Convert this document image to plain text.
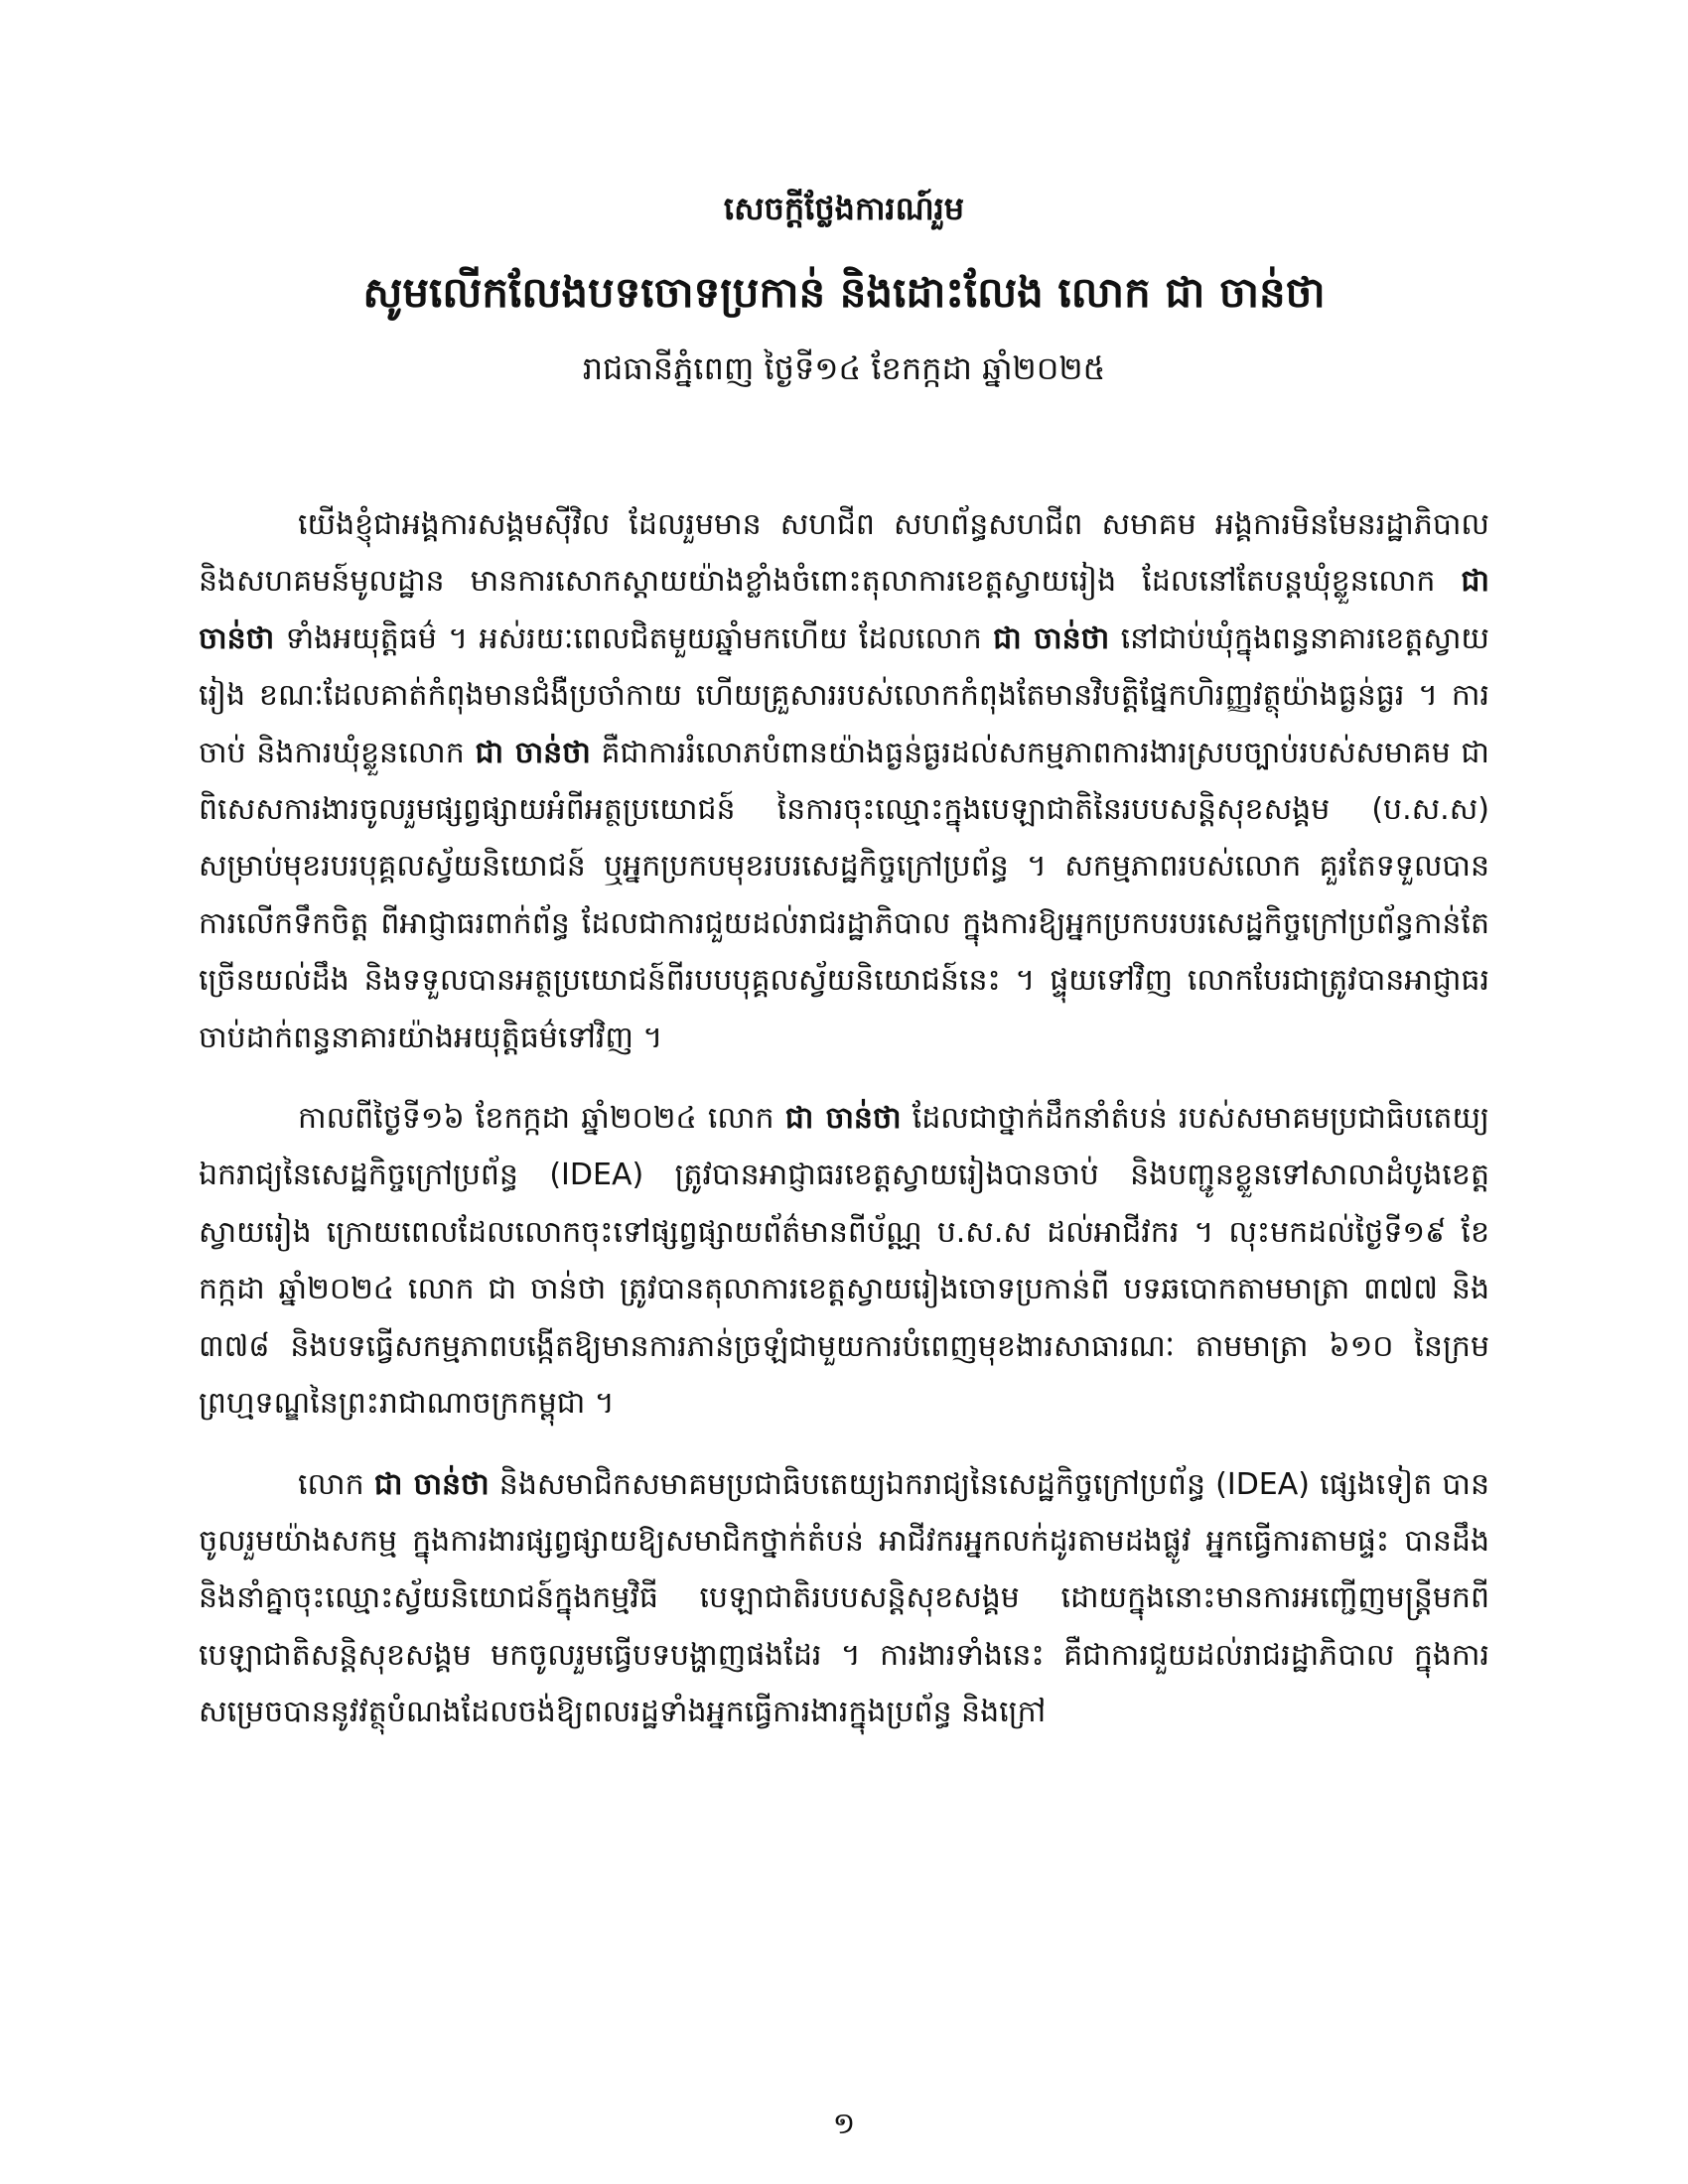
សេចក្តីថ្លែងការណ៍រួម
សូមលើកលែងបទចោទប្រកាន់ និងដោះលែង លោក ជា ចាន់ថា
រាជធានីភ្នំពេញ ថ្ងៃទី១៤ ខែកក្កដា ឆ្នាំ២០២៥

យើងខ្ញុំជាអង្គការសង្គមស៊ីវិល ដែលរួមមាន សហជីព សហព័ន្ធសហជីព សមាគម អង្គការមិនមែនរដ្ឋាភិបាល និងសហគមន៍មូលដ្ឋាន មានការសោកស្តាយយ៉ាងខ្លាំងចំពោះតុលាការខេត្តស្វាយរៀង ដែលនៅតែបន្តឃុំខ្លួនលោក ជា ចាន់ថា ទាំងអយុត្តិធម៌ ។ អស់រយៈពេលជិតមួយឆ្នាំមកហើយ ដែលលោក ជា ចាន់ថា នៅជាប់ឃុំក្នុងពន្ធនាគារខេត្តស្វាយរៀង ខណៈដែលគាត់កំពុងមានជំងឺប្រចាំកាយ ហើយគ្រួសាររបស់លោកកំពុងតែមានវិបត្តិផ្នែកហិរញ្ញវត្ថុយ៉ាងធ្ងន់ធ្ងរ ។ ការចាប់ និងការឃុំខ្លួនលោក ជា ចាន់ថា គឺជាការរំលោភបំពានយ៉ាងធ្ងន់ធ្ងរដល់សកម្មភាពការងារស្របច្បាប់របស់សមាគម ជាពិសេសការងារចូលរួមផ្សព្វផ្សាយអំពីអត្ថប្រយោជន៍ នៃការចុះឈ្មោះក្នុងបេឡាជាតិនៃរបបសន្តិសុខសង្គម (ប.ស.ស) សម្រាប់មុខរបរបុគ្គលស្វ័យនិយោជន៍ ឬអ្នកប្រកបមុខរបរសេដ្ឋកិច្ចក្រៅប្រព័ន្ធ ។ សកម្មភាពរបស់លោក គួរតែទទួលបានការលើកទឹកចិត្ត ពីអាជ្ញាធរពាក់ព័ន្ធ ដែលជាការជួយដល់រាជរដ្ឋាភិបាល ក្នុងការឱ្យអ្នកប្រកបរបរសេដ្ឋកិច្ចក្រៅប្រព័ន្ធកាន់តែច្រើនយល់ដឹង និងទទួលបានអត្ថប្រយោជន៍ពីរបបបុគ្គលស្វ័យនិយោជន៍នេះ ។ ផ្ទុយទៅវិញ លោកបែរជាត្រូវបានអាជ្ញាធរចាប់ដាក់ពន្ធនាគារយ៉ាងអយុត្តិធម៌ទៅវិញ ។

កាលពីថ្ងៃទី១៦ ខែកក្កដា ឆ្នាំ២០២៤ លោក ជា ចាន់ថា ដែលជាថ្នាក់ដឹកនាំតំបន់ របស់សមាគមប្រជាធិបតេយ្យឯករាជ្យនៃសេដ្ឋកិច្ចក្រៅប្រព័ន្ធ (IDEA) ត្រូវបានអាជ្ញាធរខេត្តស្វាយរៀងបានចាប់ និងបញ្ជូនខ្លួនទៅសាលាដំបូងខេត្តស្វាយរៀង ក្រោយពេលដែលលោកចុះទៅផ្សព្វផ្សាយព័ត៌មានពីប័ណ្ណ ប.ស.ស ដល់អាជីវករ ។ លុះមកដល់ថ្ងៃទី១៩ ខែកក្កដា ឆ្នាំ២០២៤ លោក ជា ចាន់ថា ត្រូវបានតុលាការខេត្តស្វាយរៀងចោទប្រកាន់ពី បទឆបោកតាមមាត្រា ៣៧៧ និង ៣៧៨ និងបទធ្វើសកម្មភាពបង្កើតឱ្យមានការភាន់ច្រឡំជាមួយការបំពេញមុខងារសាធារណៈ តាមមាត្រា ៦១០ នៃក្រមព្រហ្មទណ្ឌនៃព្រះរាជាណាចក្រកម្ពុជា ។

លោក ជា ចាន់ថា និងសមាជិកសមាគមប្រជាធិបតេយ្យឯករាជ្យនៃសេដ្ឋកិច្ចក្រៅប្រព័ន្ធ (IDEA) ផ្សេងទៀត បានចូលរួមយ៉ាងសកម្ម ក្នុងការងារផ្សព្វផ្សាយឱ្យសមាជិកថ្នាក់តំបន់ អាជីវករអ្នកលក់ដូរតាមដងផ្លូវ អ្នកធ្វើការតាមផ្ទះ បានដឹង និងនាំគ្នាចុះឈ្មោះស្វ័យនិយោជន៍ក្នុងកម្មវិធី បេឡាជាតិរបបសន្តិសុខសង្គម ដោយក្នុងនោះមានការអញ្ជើញមន្ត្រីមកពីបេឡាជាតិសន្តិសុខសង្គម មកចូលរួមធ្វើបទបង្ហាញផងដែរ ។ ការងារទាំងនេះ គឺជាការជួយដល់រាជរដ្ឋាភិបាល ក្នុងការសម្រេចបាននូវវត្ថុបំណងដែលចង់ឱ្យពលរដ្ឋទាំងអ្នកធ្វើការងារក្នុងប្រព័ន្ធ និងក្រៅ

១
